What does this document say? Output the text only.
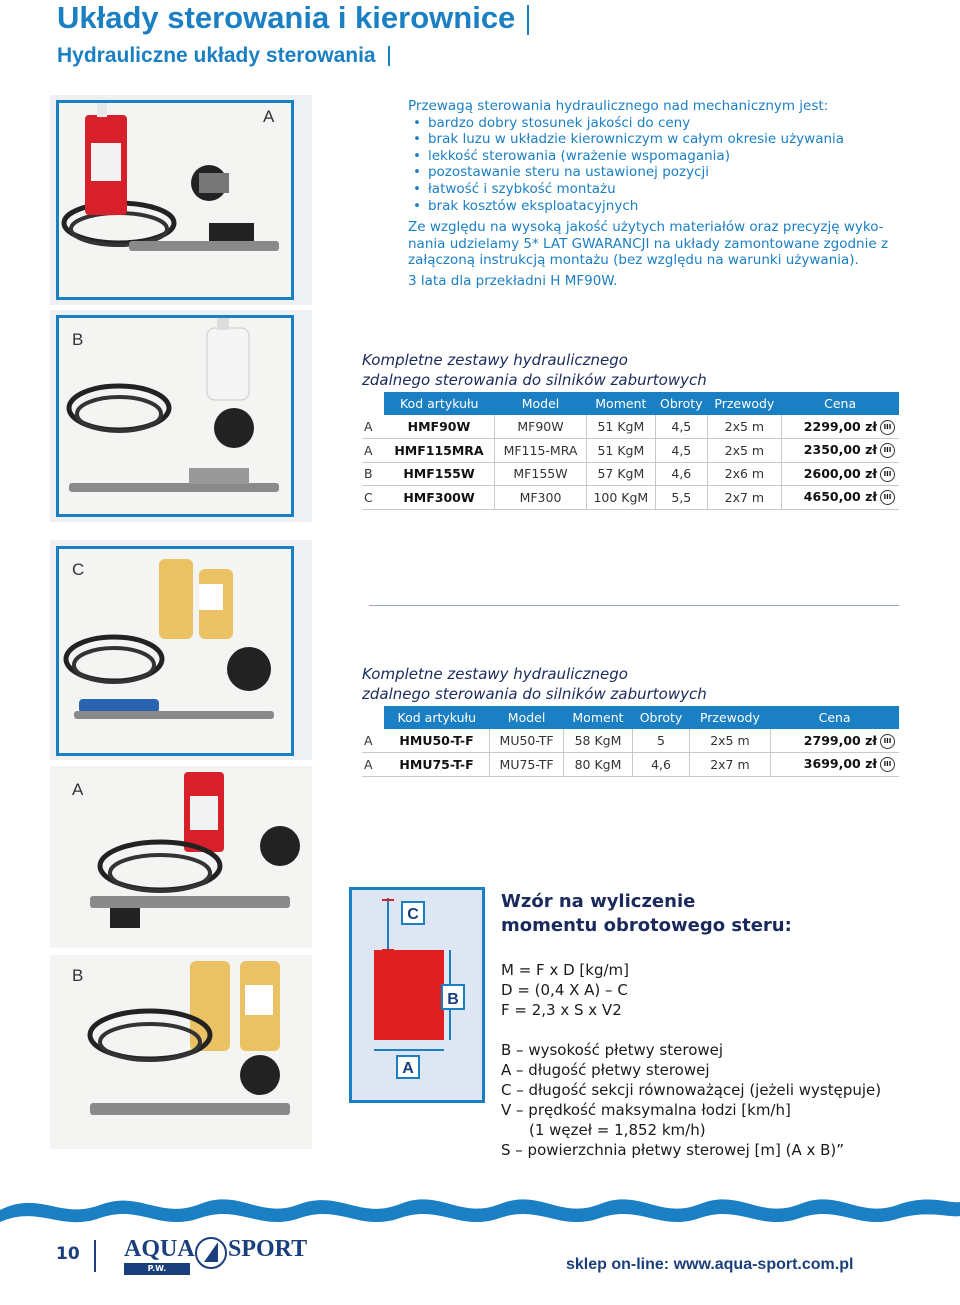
Układy sterowania i kierownice
Hydrauliczne układy sterowania
A

Przewagą sterowania hydraulicznego nad mechanicznym jest:

• bardzo dobry stosunek jakości do ceny
• brak luzu w układzie kierowniczym w całym okresie używania
• lekkość sterowania (wrażenie wspomagania)
• pozostawanie steru na ustawionej pozycji
• łatwość i szybkość montażu
• brak kosztów eksploatacyjnych

Ze względu na wysoką jakość użytych materiałów oraz precyzję wyko-nania udzielamy 5* LAT GWARANCJI na układy zamontowane zgodnie z załączoną instrukcją montażu (bez względu na warunki używania).

3 lata dla przekładni H MF90W.

B
Kompletne zestawy hydraulicznego
zdalnego sterowania do silników zaburtowych
	Kod artykułu	Model	Moment	Obroty	Przewody	Cena
A	HMF90W	MF90W	51 KgM	4,5	2x5 m	2299,00 zł III
A	HMF115MRA	MF115-MRA	51 KgM	4,5	2x5 m	2350,00 zł III
B	HMF155W	MF155W	57 KgM	4,6	2x6 m	2600,00 zł III
C	HMF300W	MF300	100 KgM	5,5	2x7 m	4650,00 zł III
C
Kompletne zestawy hydraulicznego
zdalnego sterowania do silników zaburtowych
	Kod artykułu	Model	Moment	Obroty	Przewody	Cena
A	HMU50-T-F	MU50-TF	58 KgM	5	2x5 m	2799,00 zł III
A	HMU75-T-F	MU75-TF	80 KgM	4,6	2x7 m	3699,00 zł III
A
B
C
B
A
Wzór na wyliczenie
momentu obrotowego steru:
M = F x D [kg/m]
D = (0,4 X A) – C
F = 2,3 x S x V2
B – wysokość płetwy sterowej
A – długość płetwy sterowej
C – długość sekcji równoważącej (jeżeli występuje)
V – prędkość maksymalna łodzi [km/h]
(1 węzeł = 1,852 km/h)
S – powierzchnia płetwy sterowej [m] (A x B)”
10 AQUA SPORT
P.W. "MERCATO"
sklep on-line: www.aqua-sport.com.pl
